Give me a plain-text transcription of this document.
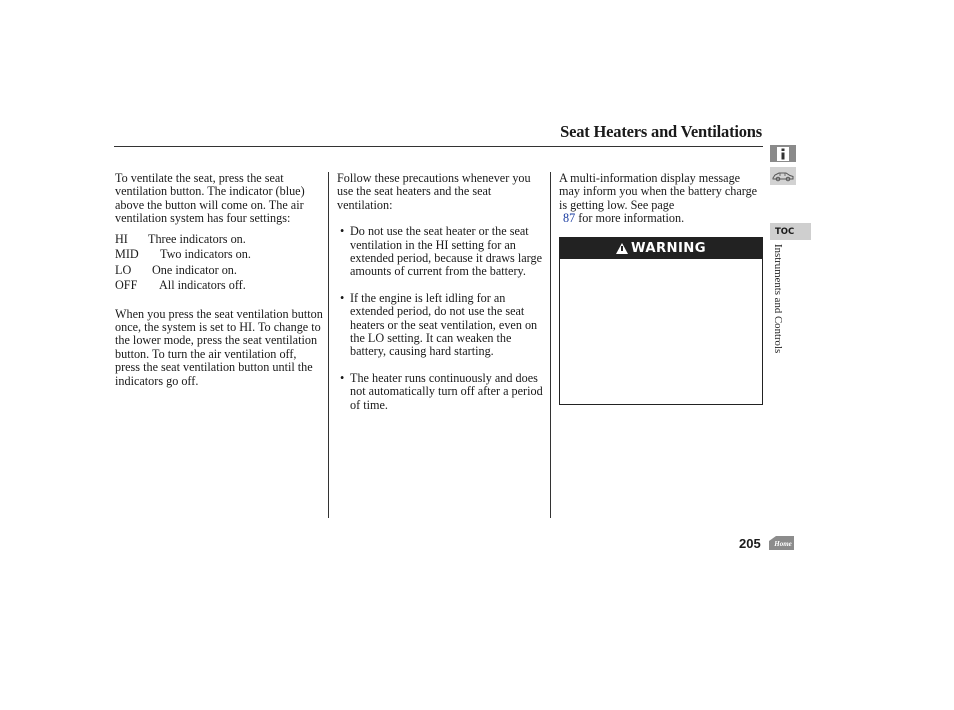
Seat Heaters and Ventilations
To ventilate the seat, press the seat ventilation button. The indicator (blue) above the button will come on. The air ventilation system has four settings:
HI	Three indicators on.
MID	Two indicators on.
LO	One indicator on.
OFF	All indicators off.
When you press the seat ventilation button once, the system is set to HI. To change to the lower mode, press the seat ventilation button. To turn the air ventilation off, press the seat ventilation button until the indicators go off.
Follow these precautions whenever you use the seat heaters and the seat ventilation:
• Do not use the seat heater or the seat ventilation in the HI setting for an extended period, because it draws large amounts of current from the battery.
• If the engine is left idling for an extended period, do not use the seat heaters or the seat ventilation, even on the LO setting. It can weaken the battery, causing hard starting.
• The heater runs continuously and does not automatically turn off after a period of time.
A multi-information display message may inform you when the battery charge is getting low. See page
87 for more information.
WARNING
TOC
Instruments and Controls
205 Home
